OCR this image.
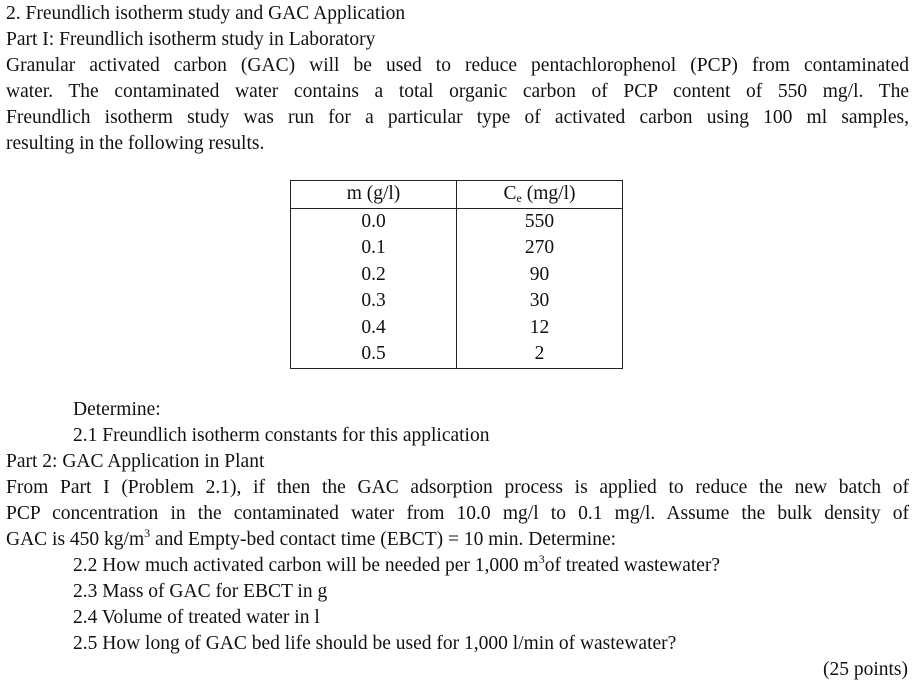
2. Freundlich isotherm study and GAC Application
Part I: Freundlich isotherm study in Laboratory
Granular activated carbon (GAC) will be used to reduce pentachlorophenol (PCP) from contaminated
water. The contaminated water contains a total organic carbon of PCP content of 550 mg/l. The
Freundlich isotherm study was run for a particular type of activated carbon using 100 ml samples,
resulting in the following results.
m (g/l)	$C_e$ (mg/l)
0.0	550
0.1	270
0.2	90
0.3	30
0.4	12
0.5	2
Determine:
2.1 Freundlich isotherm constants for this application
Part 2: GAC Application in Plant
From Part I (Problem 2.1), if then the GAC adsorption process is applied to reduce the new batch of
PCP concentration in the contaminated water from 10.0 mg/l to 0.1 mg/l. Assume the bulk density of
GAC is 450 $kg/m^3$ and Empty-bed contact time (EBCT) = 10 min. Determine:
2.2 How much activated carbon will be needed per 1,000 $m^3of$ treated wastewater?
2.3 Mass of GAC for EBCT in g
2.4 Volume of treated water in l
2.5 How long of GAC bed life should be used for 1,000 l/min of wastewater?
(25 points)
